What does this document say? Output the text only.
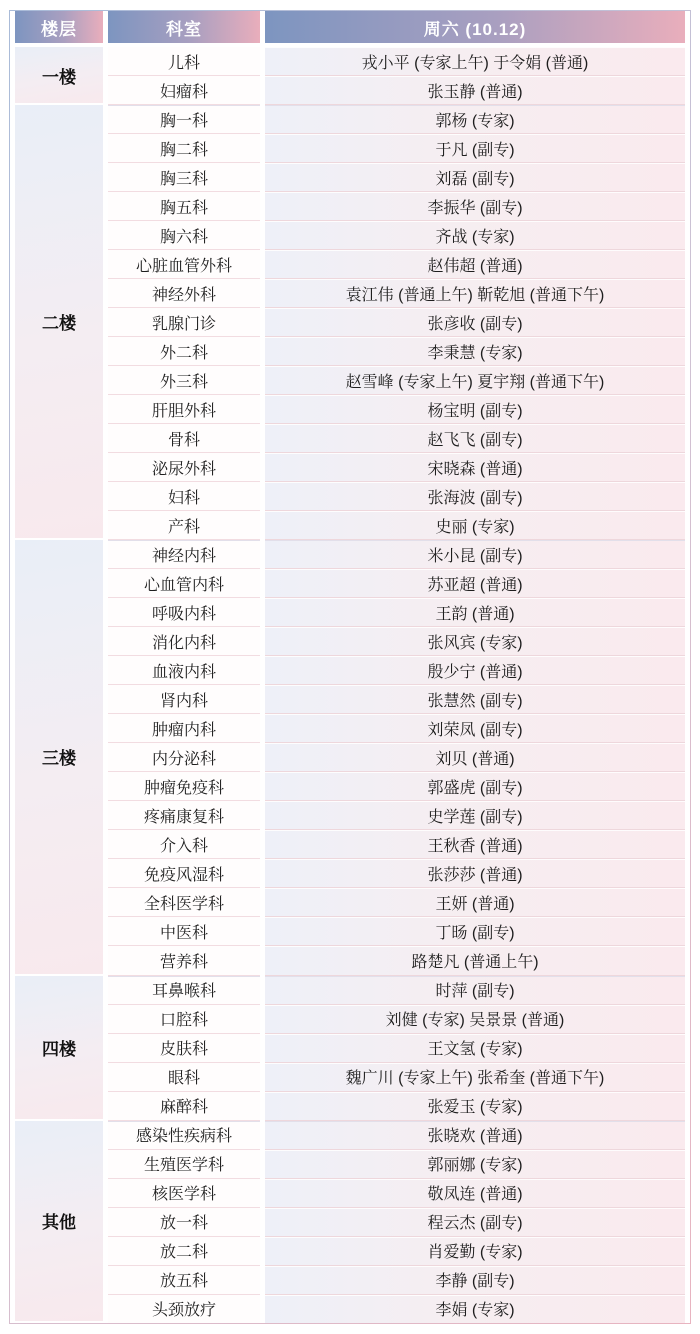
楼层	科室	周六 (10.12)
一楼	儿科	戎小平 (专家上午) 于令娟 (普通)
	妇瘤科	张玉静 (普通)
二楼	胸一科	郭杨 (专家)
	胸二科	于凡 (副专)
	胸三科	刘磊 (副专)
	胸五科	李振华 (副专)
	胸六科	齐战 (专家)
	心脏血管外科	赵伟超 (普通)
	神经外科	袁江伟 (普通上午) 靳乾旭 (普通下午)
	乳腺门诊	张彦收 (副专)
	外二科	李秉慧 (专家)
	外三科	赵雪峰 (专家上午) 夏宇翔 (普通下午)
	肝胆外科	杨宝明 (副专)
	骨科	赵飞飞 (副专)
	泌尿外科	宋晓森 (普通)
	妇科	张海波 (副专)
	产科	史丽 (专家)
三楼	神经内科	米小昆 (副专)
	心血管内科	苏亚超 (普通)
	呼吸内科	王韵 (普通)
	消化内科	张风宾 (专家)
	血液内科	殷少宁 (普通)
	肾内科	张慧然 (副专)
	肿瘤内科	刘荣凤 (副专)
	内分泌科	刘贝 (普通)
	肿瘤免疫科	郭盛虎 (副专)
	疼痛康复科	史学莲 (副专)
	介入科	王秋香 (普通)
	免疫风湿科	张莎莎 (普通)
	全科医学科	王妍 (普通)
	中医科	丁旸 (副专)
	营养科	路楚凡 (普通上午)
四楼	耳鼻喉科	时萍 (副专)
	口腔科	刘健 (专家) 吴景景 (普通)
	皮肤科	王文氢 (专家)
	眼科	魏广川 (专家上午) 张希奎 (普通下午)
	麻醉科	张爱玉 (专家)
其他	感染性疾病科	张晓欢 (普通)
	生殖医学科	郭丽娜 (专家)
	核医学科	敬凤连 (普通)
	放一科	程云杰 (副专)
	放二科	肖爱勤 (专家)
	放五科	李静 (副专)
	头颈放疗	李娟 (专家)
